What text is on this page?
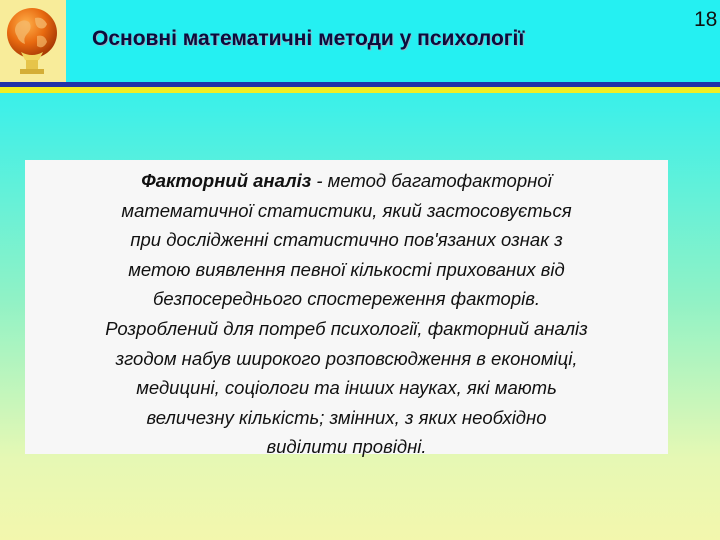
Основні математичні методи у психології
18
Факторний аналіз - метод багатофакторної
математичної статистики, який застосовується
при дослідженні статистично пов'язаних ознак з
метою виявлення певної кількості прихованих від
безпосереднього спостереження факторів.
Розроблений для потреб психології, факторний аналіз
згодом набув широкого розповсюдження в економіці,
медицині, соціологи та інших науках, які мають
величезну кількість; змінних, з яких необхідно
виділити провідні.
